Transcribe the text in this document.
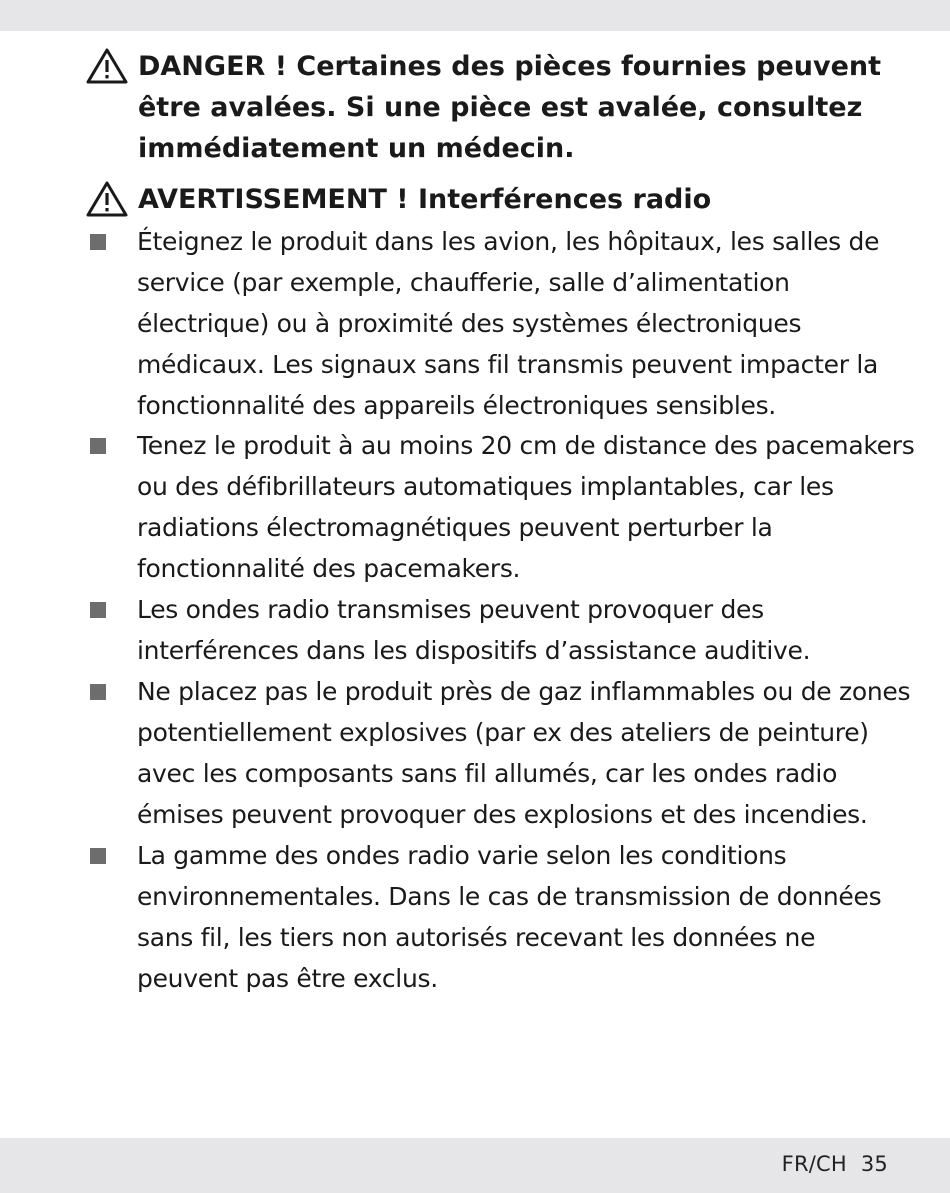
DANGER ! Certaines des pièces fournies peuvent être avalées. Si une pièce est avalée, consultez immédiatement un médecin.
AVERTISSEMENT ! Interférences radio
Éteignez le produit dans les avion, les hôpitaux, les salles de service (par exemple, chaufferie, salle d’alimentation électrique) ou à proximité des systèmes électroniques médicaux. Les signaux sans fil transmis peuvent impacter la fonctionnalité des appareils électroniques sensibles.
Tenez le produit à au moins 20 cm de distance des pacemakers ou des défibrillateurs automatiques implantables, car les radiations électromagnétiques peuvent perturber la fonctionnalité des pacemakers.
Les ondes radio transmises peuvent provoquer des interférences dans les dispositifs d’assistance auditive.
Ne placez pas le produit près de gaz inflammables ou de zones potentiellement explosives (par ex des ateliers de peinture) avec les composants sans fil allumés, car les ondes radio émises peuvent provoquer des explosions et des incendies.
La gamme des ondes radio varie selon les conditions environnementales. Dans le cas de transmission de données sans fil, les tiers non autorisés recevant les données ne peuvent pas être exclus.
FR/CH 35
